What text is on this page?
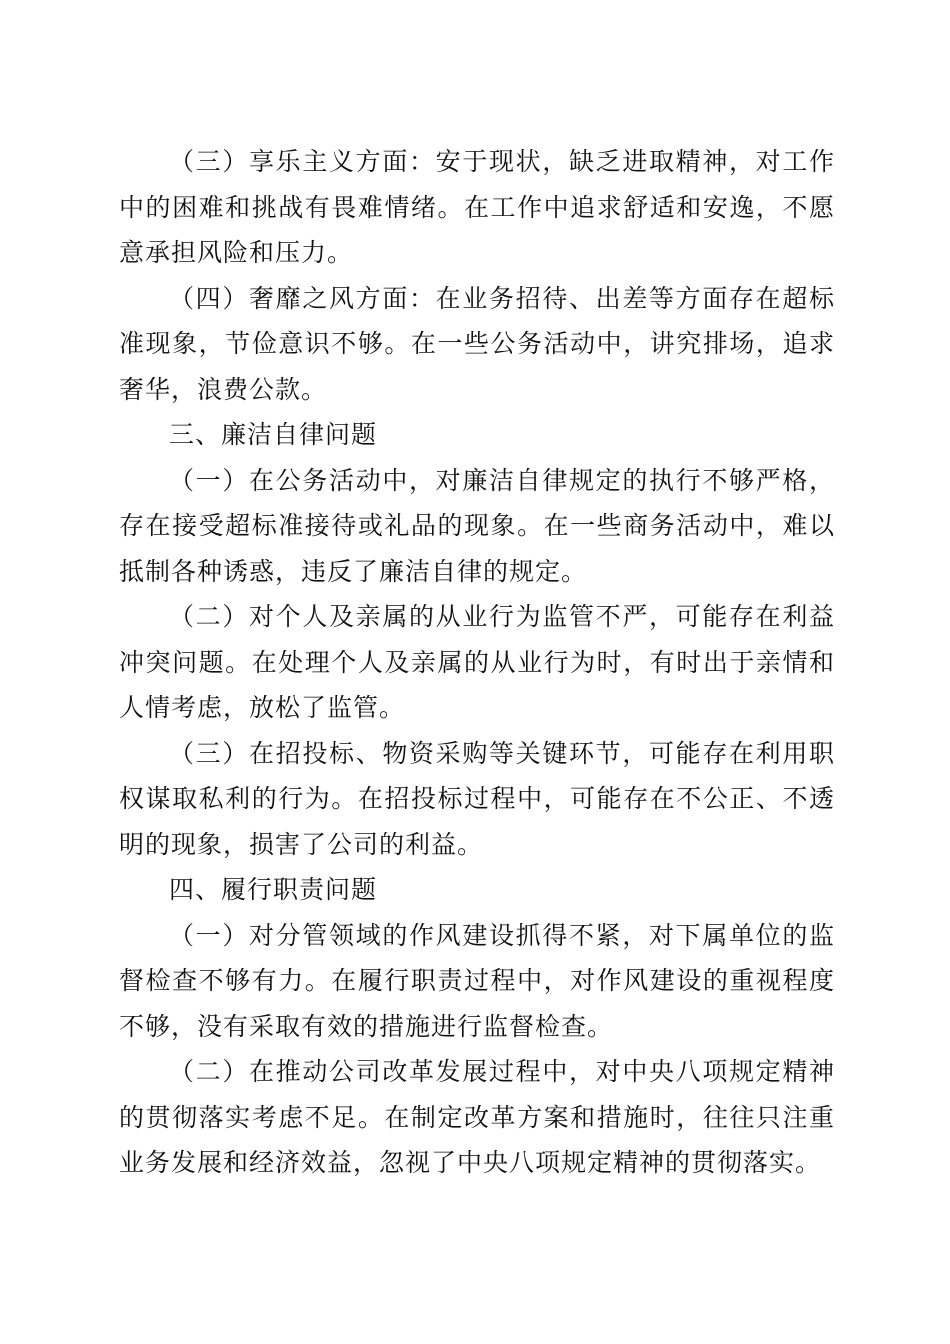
（三）享乐主义方面：安于现状，缺乏进取精神，对工作中的困难和挑战有畏难情绪。在工作中追求舒适和安逸，不愿意承担风险和压力。

（四）奢靡之风方面：在业务招待、出差等方面存在超标准现象，节俭意识不够。在一些公务活动中，讲究排场，追求奢华，浪费公款。

三、廉洁自律问题

（一）在公务活动中，对廉洁自律规定的执行不够严格，存在接受超标准接待或礼品的现象。在一些商务活动中，难以抵制各种诱惑，违反了廉洁自律的规定。

（二）对个人及亲属的从业行为监管不严，可能存在利益冲突问题。在处理个人及亲属的从业行为时，有时出于亲情和人情考虑，放松了监管。

（三）在招投标、物资采购等关键环节，可能存在利用职权谋取私利的行为。在招投标过程中，可能存在不公正、不透明的现象，损害了公司的利益。

四、履行职责问题

（一）对分管领域的作风建设抓得不紧，对下属单位的监督检查不够有力。在履行职责过程中，对作风建设的重视程度不够，没有采取有效的措施进行监督检查。

（二）在推动公司改革发展过程中，对中央八项规定精神的贯彻落实考虑不足。在制定改革方案和措施时，往往只注重业务发展和经济效益，忽视了中央八项规定精神的贯彻落实。
